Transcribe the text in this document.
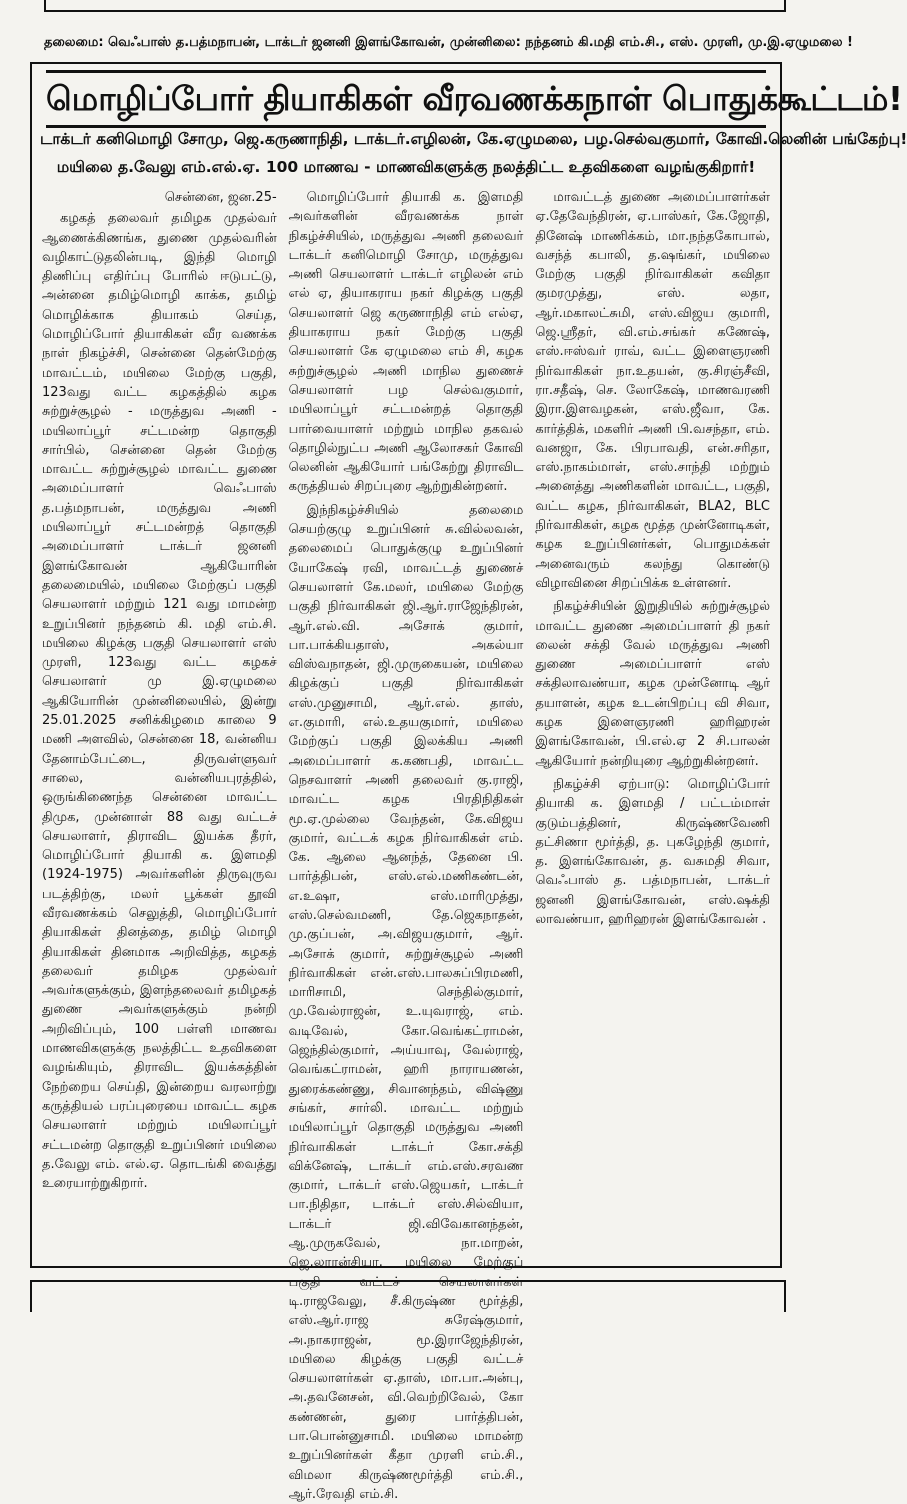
தலைமை: வெஃபாஸ் த.பத்மநாபன், டாக்டர் ஜனனி இளங்கோவன், முன்னிலை: நந்தனம் கி.மதி எம்.சி., எஸ். முரளி, மு.இ.ஏழுமலை !
மொழிப்போர் தியாகிகள் வீரவணக்கநாள் பொதுக்கூட்டம்!
டாக்டர் கனிமொழி சோமு, ஜெ.கருணாநிதி, டாக்டர்.எழிலன், கே.ஏழுமலை, பழ.செல்வகுமார், கோவி.லெனின் பங்கேற்பு!
மயிலை த.வேலு எம்.எல்.ஏ. 100 மாணவ - மாணவிகளுக்கு நலத்திட்ட உதவிகளை வழங்குகிறார்!
சென்னை, ஜன.25-

கழகத் தலைவர் தமிழக முதல்வர் ஆணைக்கிணங்க, துணை முதல்வரின் வழிகாட்டுதலின்படி, இந்தி மொழி திணிப்பு எதிர்ப்பு போரில் ஈடுபட்டு, அன்னை தமிழ்மொழி காக்க, தமிழ் மொழிக்காக தியாகம் செய்த, மொழிப்போர் தியாகிகள் வீர வணக்க நாள் நிகழ்ச்சி, சென்னை தென்மேற்கு மாவட்டம், மயிலை மேற்கு பகுதி, 123வது வட்ட கழகத்தில் கழக சுற்றுச்சூழல் - மருத்துவ அணி - மயிலாப்பூர் சட்டமன்ற தொகுதி சார்பில், சென்னை தென் மேற்கு மாவட்ட சுற்றுச்சூழல் மாவட்ட துணை அமைப்பாளர் வெஃபாஸ் த.பத்மநாபன், மருத்துவ அணி மயிலாப்பூர் சட்டமன்றத் தொகுதி அமைப்பாளர் டாக்டர் ஜனனி இளங்கோவன் ஆகியோரின் தலைமையில், மயிலை மேற்குப் பகுதி செயலாளர் மற்றும் 121 வது மாமன்ற உறுப்பினர் நந்தனம் கி. மதி எம்.சி. மயிலை கிழக்கு பகுதி செயலாளர் எஸ் முரளி, 123வது வட்ட கழகச் செயலாளர் மு இ.ஏழுமலை ஆகியோரின் முன்னிலையில், இன்று 25.01.2025 சனிக்கிழமை காலை 9 மணி அளவில், சென்னை 18, வன்னிய தேனாம்பேட்டை, திருவள்ளுவர் சாலை, வன்னியபுரத்தில், ஒருங்கிணைந்த சென்னை மாவட்ட திமுக, முன்னாள் 88 வது வட்டச் செயலாளர், திராவிட இயக்க தீரர், மொழிப்போர் தியாகி க. இளமதி (1924-1975) அவர்களின் திருவுருவ படத்திற்கு, மலர் பூக்கள் தூவி வீரவணக்கம் செலுத்தி, மொழிப்போர் தியாகிகள் தினத்தை, தமிழ் மொழி தியாகிகள் தினமாக அறிவித்த, கழகத் தலைவர் தமிழக முதல்வர் அவர்களுக்கும், இளந்தலைவர் தமிழகத் துணை அவர்களுக்கும் நன்றி அறிவிப்பும், 100 பள்ளி மாணவ மாணவிகளுக்கு நலத்திட்ட உதவிகளை வழங்கியும், திராவிட இயக்கத்தின் நேற்றைய செய்தி, இன்றைய வரலாற்று கருத்தியல் பரப்புரையை மாவட்ட கழக செயலாளர் மற்றும் மயிலாப்பூர் சட்டமன்ற தொகுதி உறுப்பினர் மயிலை த.வேலு எம். எல்.ஏ. தொடங்கி வைத்து உரையாற்றுகிறார்.

மொழிப்போர் தியாகி க. இளமதி அவர்களின் வீரவணக்க நாள் நிகழ்ச்சியில், மருத்துவ அணி தலைவர் டாக்டர் கனிமொழி சோமு, மருத்துவ அணி செயலாளர் டாக்டர் எழிலன் எம் எல் ஏ, தியாகராய நகர் கிழக்கு பகுதி செயலாளர் ஜெ கருணாநிதி எம் எல்ஏ, தியாகராய நகர் மேற்கு பகுதி செயலாளர் கே ஏழுமலை எம் சி, கழக சுற்றுச்சூழல் அணி மாநில துணைச் செயலாளர் பழ செல்வகுமார், மயிலாப்பூர் சட்டமன்றத் தொகுதி பார்வையாளர் மற்றும் மாநில தகவல் தொழில்நுட்ப அணி ஆலோசகர் கோவி லெனின் ஆகியோர் பங்கேற்று திராவிட கருத்தியல் சிறப்புரை ஆற்றுகின்றனர்.

இந்நிகழ்ச்சியில் தலைமை செயற்குழு உறுப்பினர் சு.வில்லவன், தலைமைப் பொதுக்குழு உறுப்பினர் யோகேஷ் ரவி, மாவட்டத் துணைச் செயலாளர் கே.மலர், மயிலை மேற்கு பகுதி நிர்வாகிகள் ஜி.ஆர்.ராஜேந்திரன், ஆர்.எல்.வி. அசோக் குமார், பா.பாக்கியதாஸ், அகல்யா விஸ்வநாதன், ஜி.முருகையன், மயிலை கிழக்குப் பகுதி நிர்வாகிகள் எஸ்.முனுசாமி, ஆர்.எல். தாஸ், எ.குமாரி, எல்.உதயகுமார், மயிலை மேற்குப் பகுதி இலக்கிய அணி அமைப்பாளர் க.கணபதி, மாவட்ட நெசவாளர் அணி தலைவர் கு.ராஜி, மாவட்ட கழக பிரதிநிதிகள் மூ.ஏ.முல்லை வேந்தன், கே.விஜய குமார், வட்டக் கழக நிர்வாகிகள் எம். கே. ஆலை ஆனந்த், தேனை பி. பார்த்திபன், எஸ்.எல்.மணிகண்டன், எ.உஷா, எஸ்.மாரிமுத்து, எஸ்.செல்வமணி, தே.ஜெகநாதன், மு.குப்பன், அ.விஜயகுமார், ஆர். அசோக் குமார், சுற்றுச்சூழல் அணி நிர்வாகிகள் என்.எஸ்.பாலசுப்பிரமணி, மாரிசாமி, செந்தில்குமார், மு.வேல்ராஜன், உ.யுவராஜ், எம். வடிவேல், கோ.வெங்கட்ராமன், ஜெந்தில்குமார், அய்யாவு, வேல்ராஜ், வெங்கட்ராமன், ஹரி நாராயணன், துரைக்கண்ணு, சிவானந்தம், விஷ்ணு சங்கர், சார்லி. மாவட்ட மற்றும் மயிலாப்பூர் தொகுதி மருத்துவ அணி நிர்வாகிகள் டாக்டர் கோ.சக்தி விக்னேஷ், டாக்டர் எம்.எஸ்.சரவண குமார், டாக்டர் எஸ்.ஜெயகர், டாக்டர் பா.நிதிதா, டாக்டர் எஸ்.சில்வியா, டாக்டர் ஜி.விவேகானந்தன், ஆ.முருகவேல், நா.மாறன், ஜெ.லாரன்சியா. மயிலை மேற்குப் பகுதி வட்டச் செயலாளர்கள் டி.ராஜவேலு, சீ.கிருஷ்ண மூர்த்தி, எஸ்.ஆர்.ராஜ சுரேஷ்குமார், அ.நாகராஜன், மூ.இராஜேந்திரன், மயிலை கிழக்கு பகுதி வட்டச் செயலாளர்கள் ஏ.தாஸ், மா.பா.அன்பு, அ.தவனேசன், வி.வெற்றிவேல், கோ கண்ணன், துரை பார்த்திபன், பா.பொன்னுசாமி. மயிலை மாமன்ற உறுப்பினர்கள் கீதா முரளி எம்.சி., விமலா கிருஷ்ணமூர்த்தி எம்.சி., ஆர்.ரேவதி எம்.சி.

மாவட்டத் துணை அமைப்பாளர்கள் ஏ.தேவேந்திரன், ஏ.பாஸ்கர், கே.ஜோதி, தினேஷ் மாணிக்கம், மா.நந்தகோபால், வசந்த் கபாலி, த.ஷங்கர், மயிலை மேற்கு பகுதி நிர்வாகிகள் கவிதா குமரமுத்து, எஸ். லதா, ஆர்.மகாலட்சுமி, எஸ்.விஜய குமாரி, ஜெ.ஸ்ரீதர், வி.எம்.சங்கர் கணேஷ், எஸ்.ஈஸ்வர் ராவ், வட்ட இளைஞரணி நிர்வாகிகள் நா.உதயன், கு.சிரஞ்சீவி, ரா.சதீஷ், செ. லோகேஷ், மாணவரணி இரா.இளவழகன், எஸ்.ஜீவா, கே. கார்த்திக், மகளிர் அணி பி.வசந்தா, எம். வனஜா, கே. பிரபாவதி, என்.சரிதா, எஸ்.நாகம்மாள், எஸ்.சாந்தி மற்றும் அனைத்து அணிகளின் மாவட்ட, பகுதி, வட்ட கழக, நிர்வாகிகள், BLA2, BLC நிர்வாகிகள், கழக மூத்த முன்னோடிகள், கழக உறுப்பினர்கள், பொதுமக்கள் அனைவரும் கலந்து கொண்டு விழாவினை சிறப்பிக்க உள்ளனர்.

நிகழ்ச்சியின் இறுதியில் சுற்றுச்சூழல் மாவட்ட துணை அமைப்பாளர் தி நகர் லைன் சக்தி வேல் மருத்துவ அணி துணை அமைப்பாளர் எஸ் சக்திலாவண்யா, கழக முன்னோடி ஆர் தயாளன், கழக உடன்பிறப்பு வி சிவா, கழக இளைஞரணி ஹரிஹரன் இளங்கோவன், பி.எல்.ஏ 2 சி.பாலன் ஆகியோர் நன்றியுரை ஆற்றுகின்றனர்.

நிகழ்ச்சி ஏற்பாடு: மொழிப்போர் தியாகி க. இளமதி / பட்டம்மாள் குடும்பத்தினர், கிருஷ்ணவேணி தட்சிணா மூர்த்தி, த. புகழேந்தி குமார், த. இளங்கோவன், த. வசுமதி சிவா, வெஃபாஸ் த. பத்மநாபன், டாக்டர் ஜனனி இளங்கோவன், எஸ்.ஷக்தி லாவண்யா, ஹரிஹரன் இளங்கோவன் .
